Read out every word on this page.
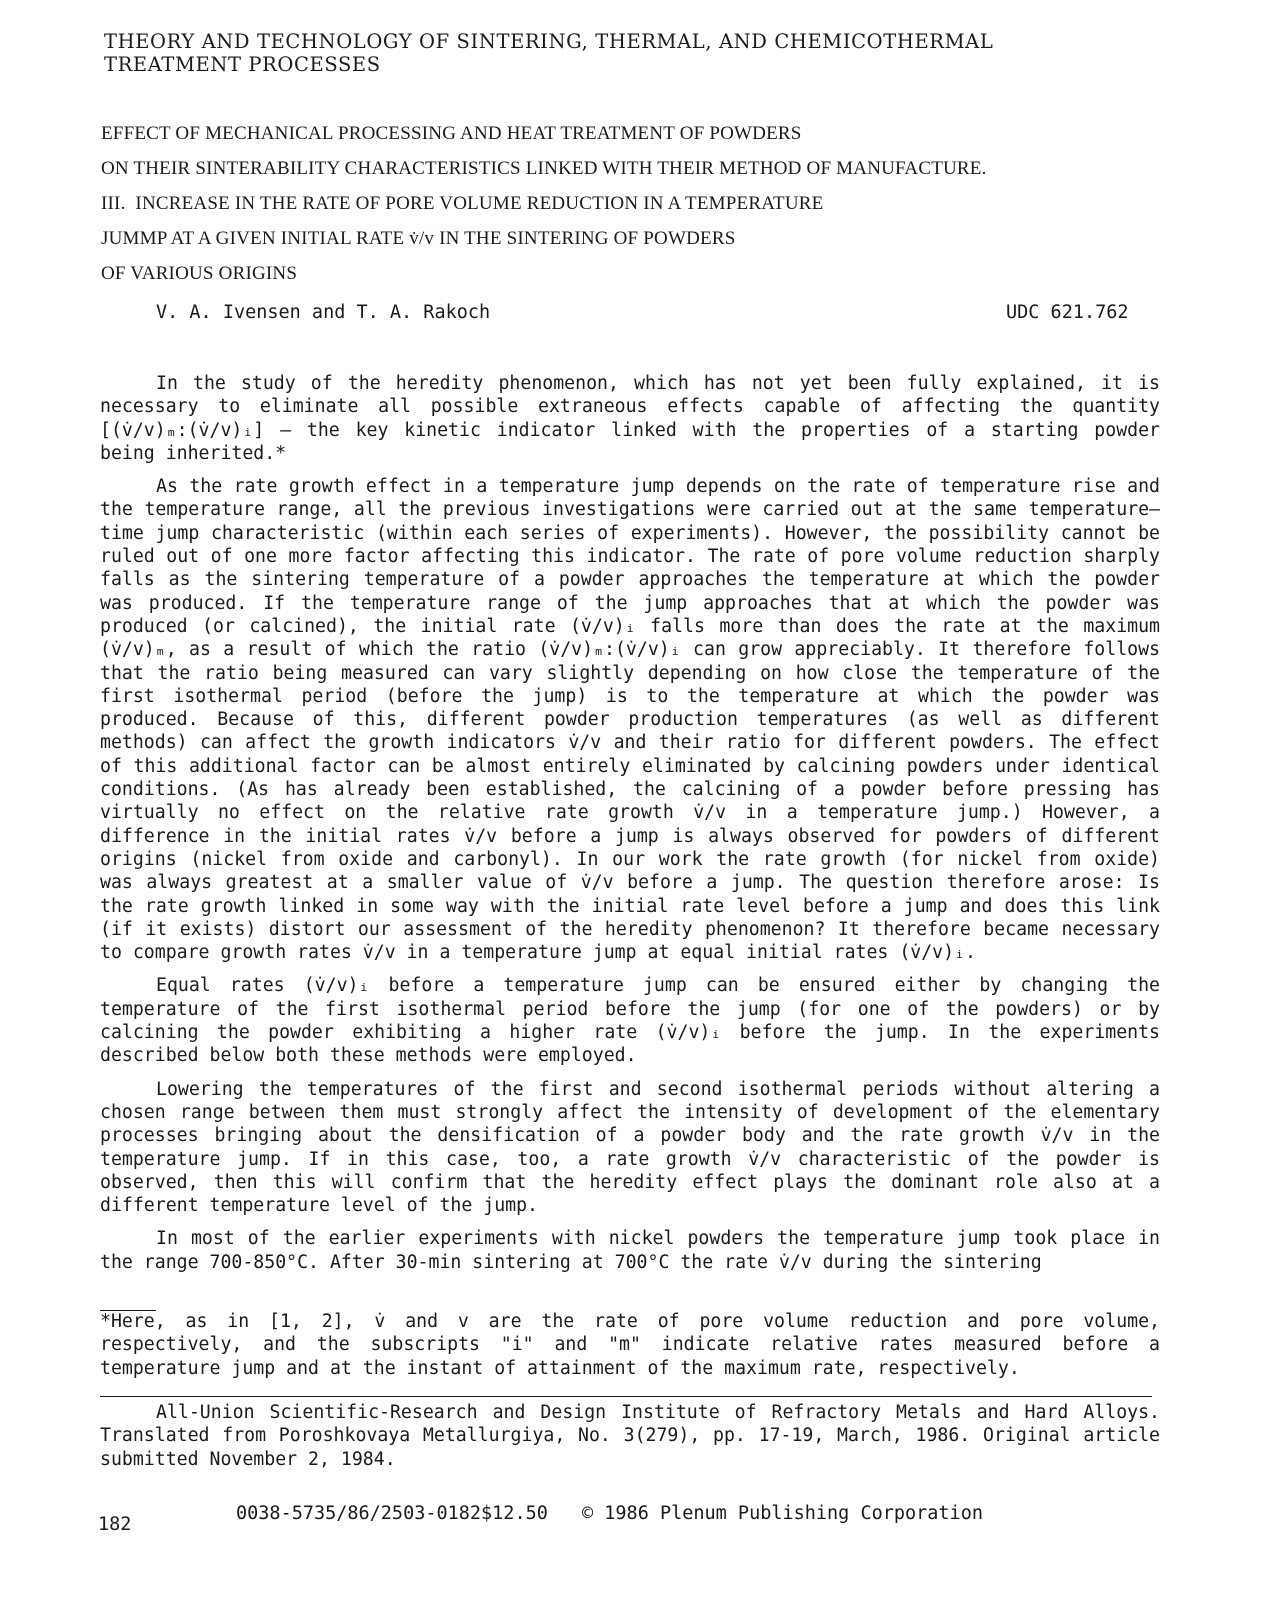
THEORY AND TECHNOLOGY OF SINTERING, THERMAL, AND CHEMICOTHERMAL TREATMENT PROCESSES
EFFECT OF MECHANICAL PROCESSING AND HEAT TREATMENT OF POWDERS
ON THEIR SINTERABILITY CHARACTERISTICS LINKED WITH THEIR METHOD OF MANUFACTURE.
III.  INCREASE IN THE RATE OF PORE VOLUME REDUCTION IN A TEMPERATURE
JUMMP AT A GIVEN INITIAL RATE v̇/v IN THE SINTERING OF POWDERS
OF VARIOUS ORIGINS
V. A. Ivensen and T. A. Rakoch	UDC 621.762

In the study of the heredity phenomenon, which has not yet been fully explained, it is necessary to eliminate all possible extraneous effects capable of affecting the quantity [(v̇/v)ₘ:(v̇/v)ᵢ] – the key kinetic indicator linked with the properties of a starting powder being inherited.*

As the rate growth effect in a temperature jump depends on the rate of temperature rise and the temperature range, all the previous investigations were carried out at the same temperature—time jump characteristic (within each series of experiments). However, the possibility cannot be ruled out of one more factor affecting this indicator. The rate of pore volume reduction sharply falls as the sintering temperature of a powder approaches the temperature at which the powder was produced. If the temperature range of the jump approaches that at which the powder was produced (or calcined), the initial rate (v̇/v)ᵢ falls more than does the rate at the maximum (v̇/v)ₘ, as a result of which the ratio (v̇/v)ₘ:(v̇/v)ᵢ can grow appreciably. It therefore follows that the ratio being measured can vary slightly depending on how close the temperature of the first isothermal period (before the jump) is to the temperature at which the powder was produced. Because of this, different powder production temperatures (as well as different methods) can affect the growth indicators v̇/v and their ratio for different powders. The effect of this additional factor can be almost entirely eliminated by calcining powders under identical conditions. (As has already been established, the calcining of a powder before pressing has virtually no effect on the relative rate growth v̇/v in a temperature jump.) However, a difference in the initial rates v̇/v before a jump is always observed for powders of different origins (nickel from oxide and carbonyl). In our work the rate growth (for nickel from oxide) was always greatest at a smaller value of v̇/v before a jump. The question therefore arose: Is the rate growth linked in some way with the initial rate level before a jump and does this link (if it exists) distort our assessment of the heredity phenomenon? It therefore became necessary to compare growth rates v̇/v in a temperature jump at equal initial rates (v̇/v)ᵢ.

Equal rates (v̇/v)ᵢ before a temperature jump can be ensured either by changing the temperature of the first isothermal period before the jump (for one of the powders) or by calcining the powder exhibiting a higher rate (v̇/v)ᵢ before the jump. In the experiments described below both these methods were employed.

Lowering the temperatures of the first and second isothermal periods without altering a chosen range between them must strongly affect the intensity of development of the elementary processes bringing about the densification of a powder body and the rate growth v̇/v in the temperature jump. If in this case, too, a rate growth v̇/v characteristic of the powder is observed, then this will confirm that the heredity effect plays the dominant role also at a different temperature level of the jump.

In most of the earlier experiments with nickel powders the temperature jump took place in the range 700-850°C. After 30-min sintering at 700°C the rate v̇/v during the sintering

*Here, as in [1, 2], v̇ and v are the rate of pore volume reduction and pore volume, respectively, and the subscripts "i" and "m" indicate relative rates measured before a temperature jump and at the instant of attainment of the maximum rate, respectively.
All-Union Scientific-Research and Design Institute of Refractory Metals and Hard Alloys. Translated from Poroshkovaya Metallurgiya, No. 3(279), pp. 17-19, March, 1986. Original article submitted November 2, 1984.
182
0038-5735/86/2503-0182$12.50 © 1986 Plenum Publishing Corporation
